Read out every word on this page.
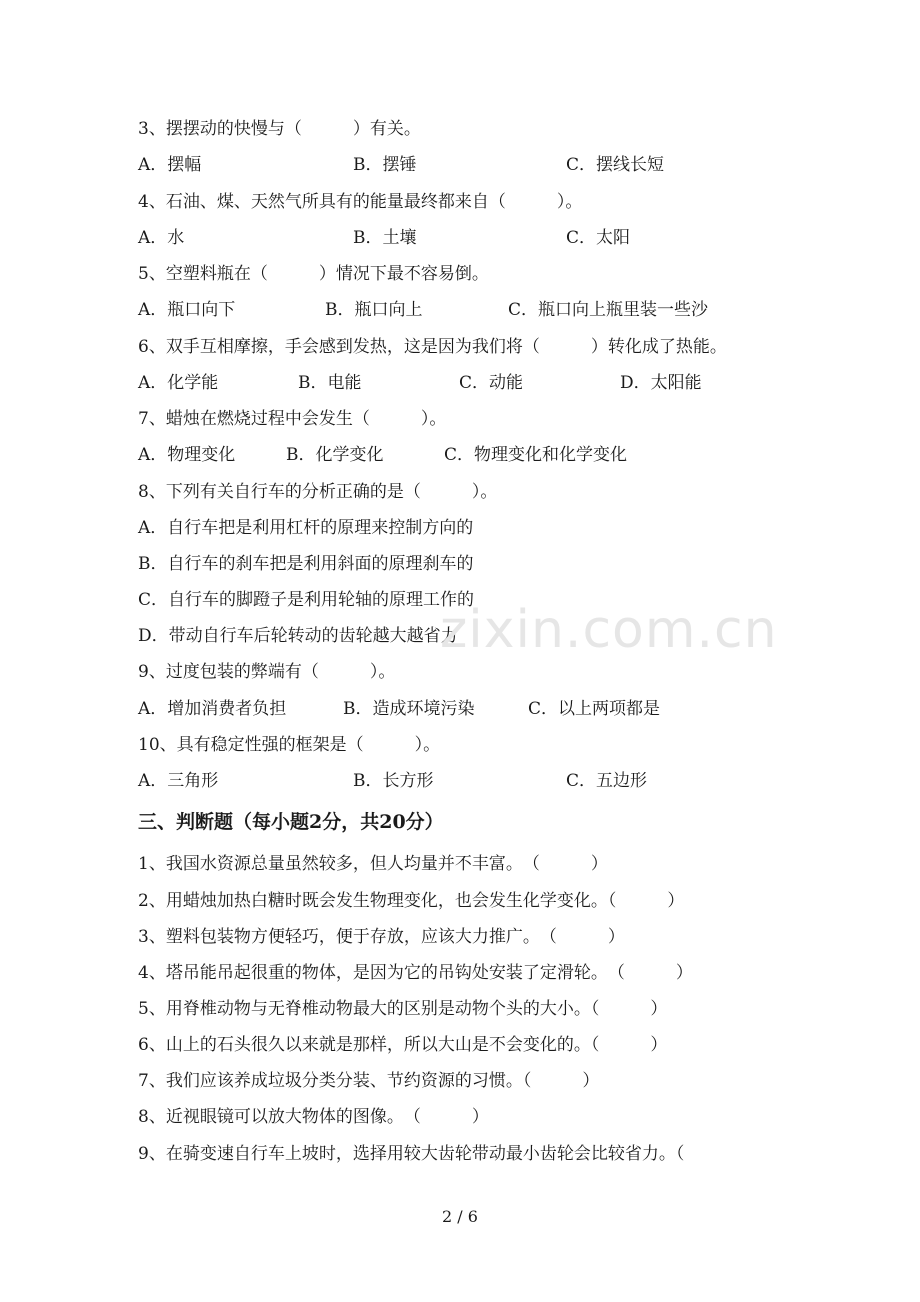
3、摆摆动的快慢与（　　　）有关。
A．摆幅	B．摆锤	C．摆线长短
4、石油、煤、天然气所具有的能量最终都来自（　　　）。
A．水	B．土壤	C．太阳
5、空塑料瓶在（　　　）情况下最不容易倒。
A．瓶口向下	B．瓶口向上	C．瓶口向上瓶里装一些沙
6、双手互相摩擦，手会感到发热，这是因为我们将（　　　）转化成了热能。
A．化学能	B．电能	C．动能	D．太阳能
7、蜡烛在燃烧过程中会发生（　　　）。
A．物理变化	B．化学变化	C．物理变化和化学变化
8、下列有关自行车的分析正确的是（　　　）。
A．自行车把是利用杠杆的原理来控制方向的
B．自行车的刹车把是利用斜面的原理刹车的
C．自行车的脚蹬子是利用轮轴的原理工作的
D．带动自行车后轮转动的齿轮越大越省力
9、过度包装的弊端有（　　　）。
A．增加消费者负担	B．造成环境污染	C．以上两项都是
10、具有稳定性强的框架是（　　　）。
A．三角形	B．长方形	C．五边形
三、判断题（每小题2分，共20分）
1、我国水资源总量虽然较多，但人均量并不丰富。　（　　　）
2、用蜡烛加热白糖时既会发生物理变化，也会发生化学变化。（　　　）
3、塑料包装物方便轻巧，便于存放，应该大力推广。　（　　　）
4、塔吊能吊起很重的物体，是因为它的吊钩处安装了定滑轮。　（　　　）
5、用脊椎动物与无脊椎动物最大的区别是动物个头的大小。（　　　）
6、山上的石头很久以来就是那样，所以大山是不会变化的。（　　　）
7、我们应该养成垃圾分类分装、节约资源的习惯。（　　　）
8、近视眼镜可以放大物体的图像。　（　　　）
9、在骑变速自行车上坡时，选择用较大齿轮带动最小齿轮会比较省力。（
zixin.com.cn
2 / 6
